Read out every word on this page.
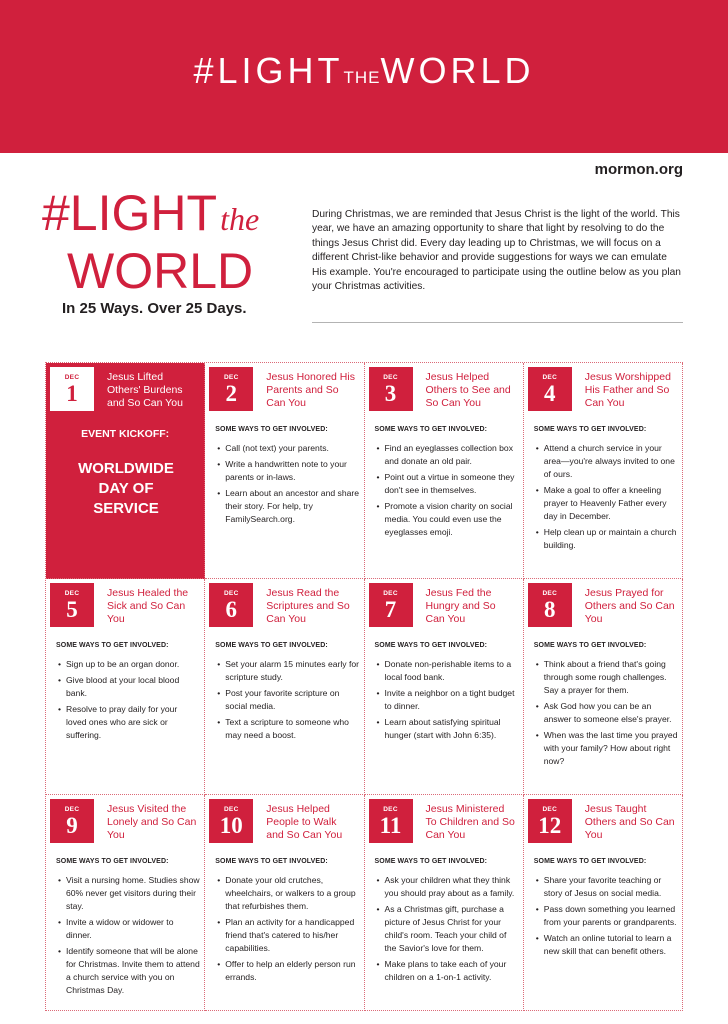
#LIGHTtheWORLD
mormon.org
#LIGHTthe
WORLD
In 25 Ways. Over 25 Days.
During Christmas, we are reminded that Jesus Christ is the light of the world. This year, we have an amazing opportunity to share that light by resolving to do the things Jesus Christ did. Every day leading up to Christmas, we will focus on a different Christ-like behavior and provide suggestions for ways we can emulate His example. You're encouraged to participate using the outline below as you plan your Christmas activities.
DEC
1
Jesus Lifted Others' Burdens and So Can You
EVENT KICKOFF:
WORLDWIDE DAY OF SERVICE
DEC
2
Jesus Honored His Parents and So Can You
SOME WAYS TO GET INVOLVED:
• Call (not text) your parents.
• Write a handwritten note to your parents or in-laws.
• Learn about an ancestor and share their story. For help, try FamilySearch.org.
DEC
3
Jesus Helped Others to See and So Can You
SOME WAYS TO GET INVOLVED:
• Find an eyeglasses collection box and donate an old pair.
• Point out a virtue in someone they don't see in themselves.
• Promote a vision charity on social media. You could even use the eyeglasses emoji.
DEC
4
Jesus Worshipped His Father and So Can You
SOME WAYS TO GET INVOLVED:
• Attend a church service in your area—you're always invited to one of ours.
• Make a goal to offer a kneeling prayer to Heavenly Father every day in December.
• Help clean up or maintain a church building.
DEC
5
Jesus Healed the Sick and So Can You
SOME WAYS TO GET INVOLVED:
• Sign up to be an organ donor.
• Give blood at your local blood bank.
• Resolve to pray daily for your loved ones who are sick or suffering.
DEC
6
Jesus Read the Scriptures and So Can You
SOME WAYS TO GET INVOLVED:
• Set your alarm 15 minutes early for scripture study.
• Post your favorite scripture on social media.
• Text a scripture to someone who may need a boost.
DEC
7
Jesus Fed the Hungry and So Can You
SOME WAYS TO GET INVOLVED:
• Donate non-perishable items to a local food bank.
• Invite a neighbor on a tight budget to dinner.
• Learn about satisfying spiritual hunger (start with John 6:35).
DEC
8
Jesus Prayed for Others and So Can You
SOME WAYS TO GET INVOLVED:
• Think about a friend that's going through some rough challenges. Say a prayer for them.
• Ask God how you can be an answer to someone else's prayer.
• When was the last time you prayed with your family? How about right now?
DEC
9
Jesus Visited the Lonely and So Can You
SOME WAYS TO GET INVOLVED:
• Visit a nursing home. Studies show 60% never get visitors during their stay.
• Invite a widow or widower to dinner.
• Identify someone that will be alone for Christmas. Invite them to attend a church service with you on Christmas Day.
DEC
10
Jesus Helped People to Walk and So Can You
SOME WAYS TO GET INVOLVED:
• Donate your old crutches, wheelchairs, or walkers to a group that refurbishes them.
• Plan an activity for a handicapped friend that's catered to his/her capabilities.
• Offer to help an elderly person run errands.
DEC
11
Jesus Ministered To Children and So Can You
SOME WAYS TO GET INVOLVED:
• Ask your children what they think you should pray about as a family.
• As a Christmas gift, purchase a picture of Jesus Christ for your child's room. Teach your child of the Savior's love for them.
• Make plans to take each of your children on a 1-on-1 activity.
DEC
12
Jesus Taught Others and So Can You
SOME WAYS TO GET INVOLVED:
• Share your favorite teaching or story of Jesus on social media.
• Pass down something you learned from your parents or grandparents.
• Watch an online tutorial to learn a new skill that can benefit others.
